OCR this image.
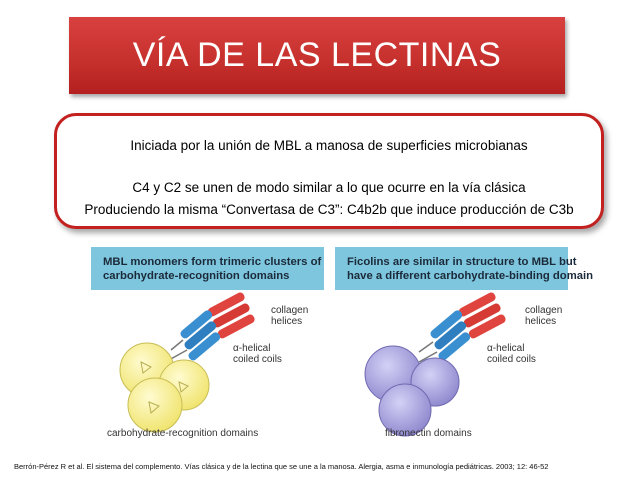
VÍA DE LAS LECTINAS
Iniciada por la unión de MBL a manosa de superficies microbianas
C4 y C2 se unen de modo similar a lo que ocurre en la vía clásica
Produciendo la misma “Convertasa de C3”: C4b2b que induce producción de C3b
MBL monomers form trimeric clusters of
carbohydrate-recognition domains
collagen
helices
α-helical
coiled coils
carbohydrate-recognition domains
Ficolins are similar in structure to MBL but
have a different carbohydrate-binding domain
collagen
helices
α-helical
coiled coils
fibronectin domains
Berrón-Pérez R et al. El sistema del complemento. Vías clásica y de la lectina que se une a la manosa. Alergia, asma e inmunología pediátricas. 2003; 12: 46-52
